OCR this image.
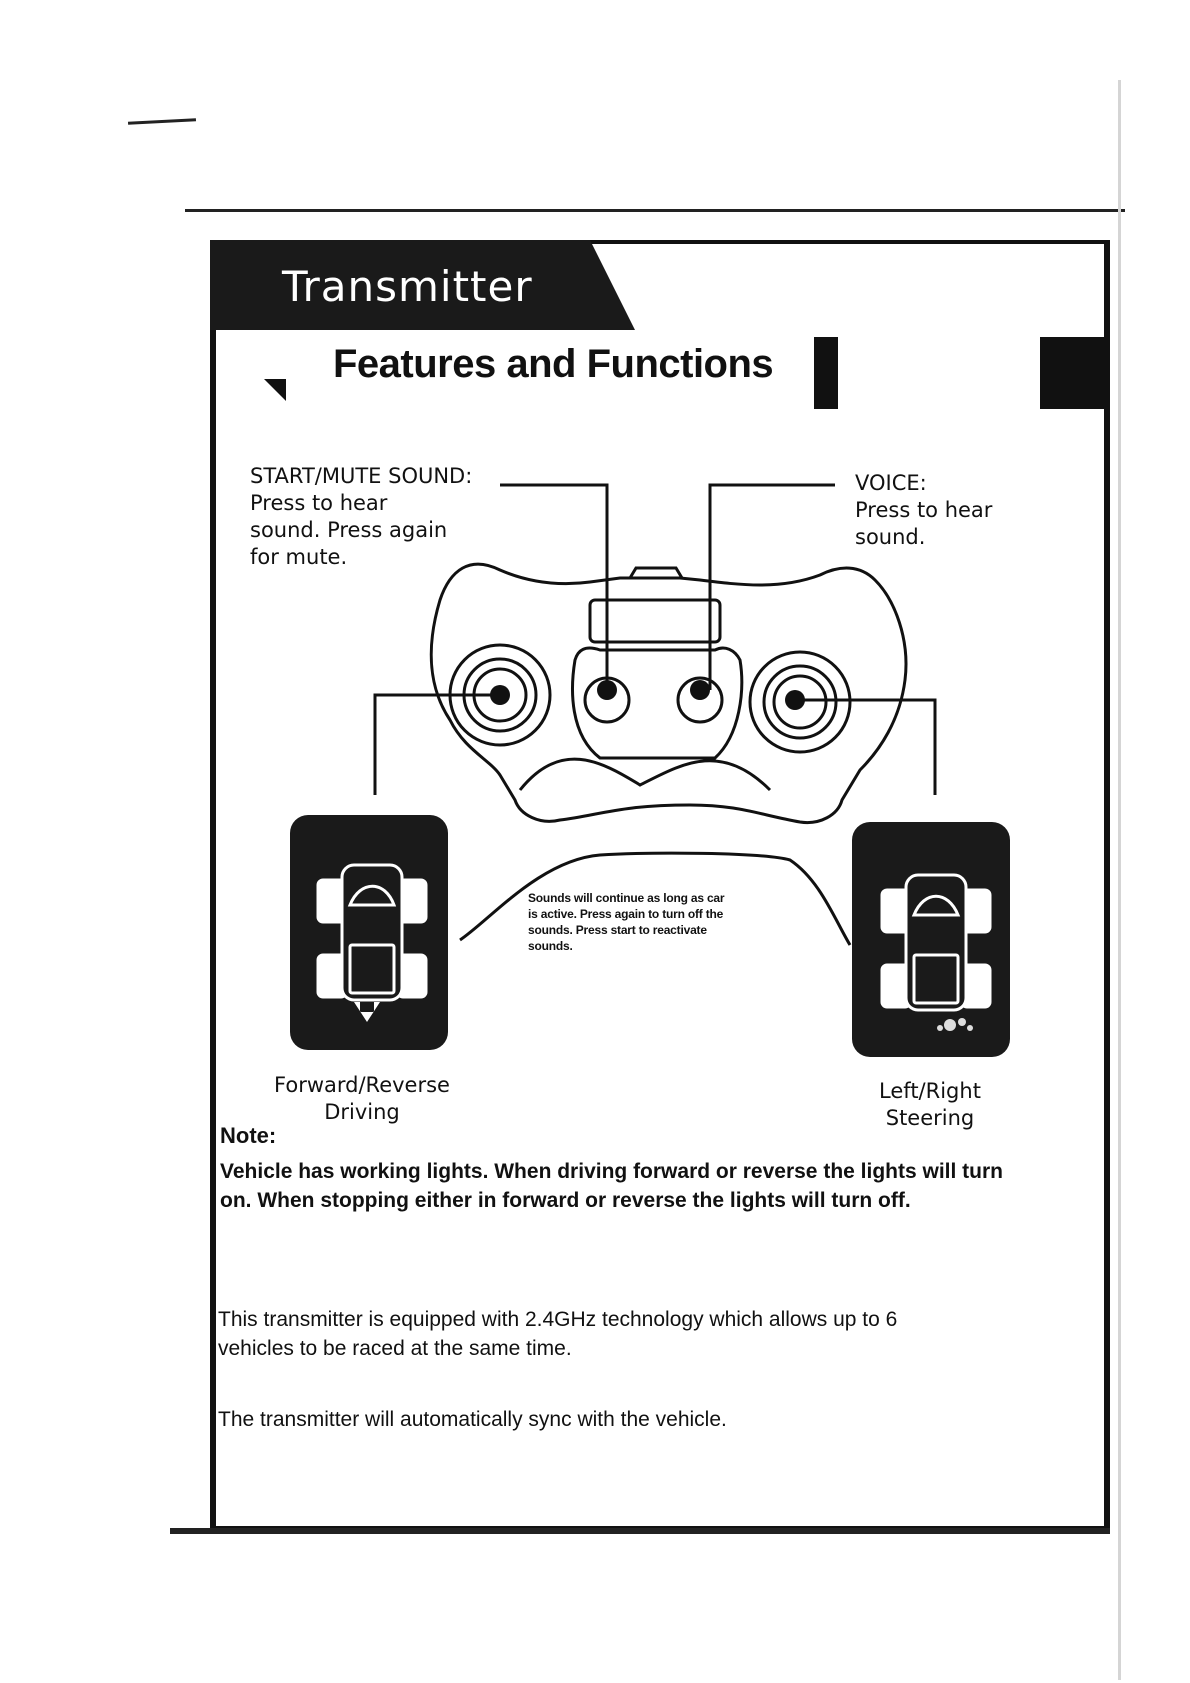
Transmitter
Features and Functions
START/MUTE SOUND:
Press to hear
sound. Press again
for mute.
VOICE:
Press to hear
sound.
Sounds will continue as long as car
is active. Press again to turn off the
sounds. Press start to reactivate
sounds.
Forward/Reverse
Driving
Left/Right
Steering
Note:
Vehicle has working lights. When driving forward or reverse the lights will turn
on. When stopping either in forward or reverse the lights will turn off.
This transmitter is equipped with 2.4GHz technology which allows up to 6
vehicles to be raced at the same time.
The transmitter will automatically sync with the vehicle.
